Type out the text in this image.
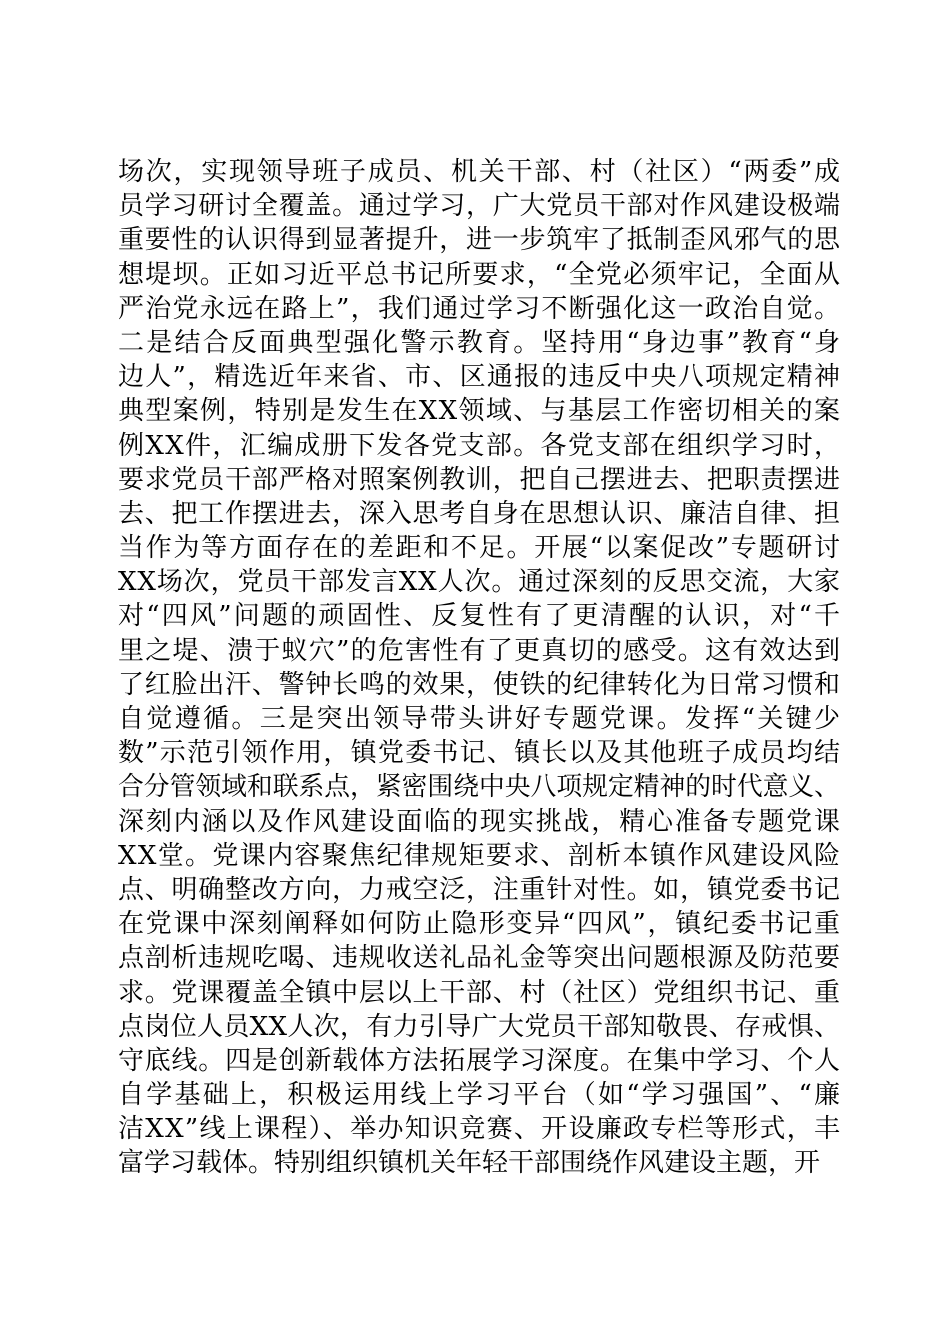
场次，实现领导班子成员、机关干部、村（社区）“两委”成
员学习研讨全覆盖。通过学习，广大党员干部对作风建设极端
重要性的认识得到显著提升，进一步筑牢了抵制歪风邪气的思
想堤坝。正如习近平总书记所要求，“全党必须牢记，全面从
严治党永远在路上”，我们通过学习不断强化这一政治自觉。
二是结合反面典型强化警示教育。坚持用“身边事”教育“身
边人”，精选近年来省、市、区通报的违反中央八项规定精神
典型案例，特别是发生在XX领域、与基层工作密切相关的案
例XX件，汇编成册下发各党支部。各党支部在组织学习时，
要求党员干部严格对照案例教训，把自己摆进去、把职责摆进
去、把工作摆进去，深入思考自身在思想认识、廉洁自律、担
当作为等方面存在的差距和不足。开展“以案促改”专题研讨
XX场次，党员干部发言XX人次。通过深刻的反思交流，大家
对“四风”问题的顽固性、反复性有了更清醒的认识，对“千
里之堤、溃于蚁穴”的危害性有了更真切的感受。这有效达到
了红脸出汗、警钟长鸣的效果，使铁的纪律转化为日常习惯和
自觉遵循。三是突出领导带头讲好专题党课。发挥“关键少
数”示范引领作用，镇党委书记、镇长以及其他班子成员均结
合分管领域和联系点，紧密围绕中央八项规定精神的时代意义、
深刻内涵以及作风建设面临的现实挑战，精心准备专题党课
XX堂。党课内容聚焦纪律规矩要求、剖析本镇作风建设风险
点、明确整改方向，力戒空泛，注重针对性。如，镇党委书记
在党课中深刻阐释如何防止隐形变异“四风”，镇纪委书记重
点剖析违规吃喝、违规收送礼品礼金等突出问题根源及防范要
求。党课覆盖全镇中层以上干部、村（社区）党组织书记、重
点岗位人员XX人次，有力引导广大党员干部知敬畏、存戒惧、
守底线。四是创新载体方法拓展学习深度。在集中学习、个人
自学基础上，积极运用线上学习平台（如“学习强国”、“廉
洁XX”线上课程）、举办知识竞赛、开设廉政专栏等形式，丰
富学习载体。特别组织镇机关年轻干部围绕作风建设主题，开
